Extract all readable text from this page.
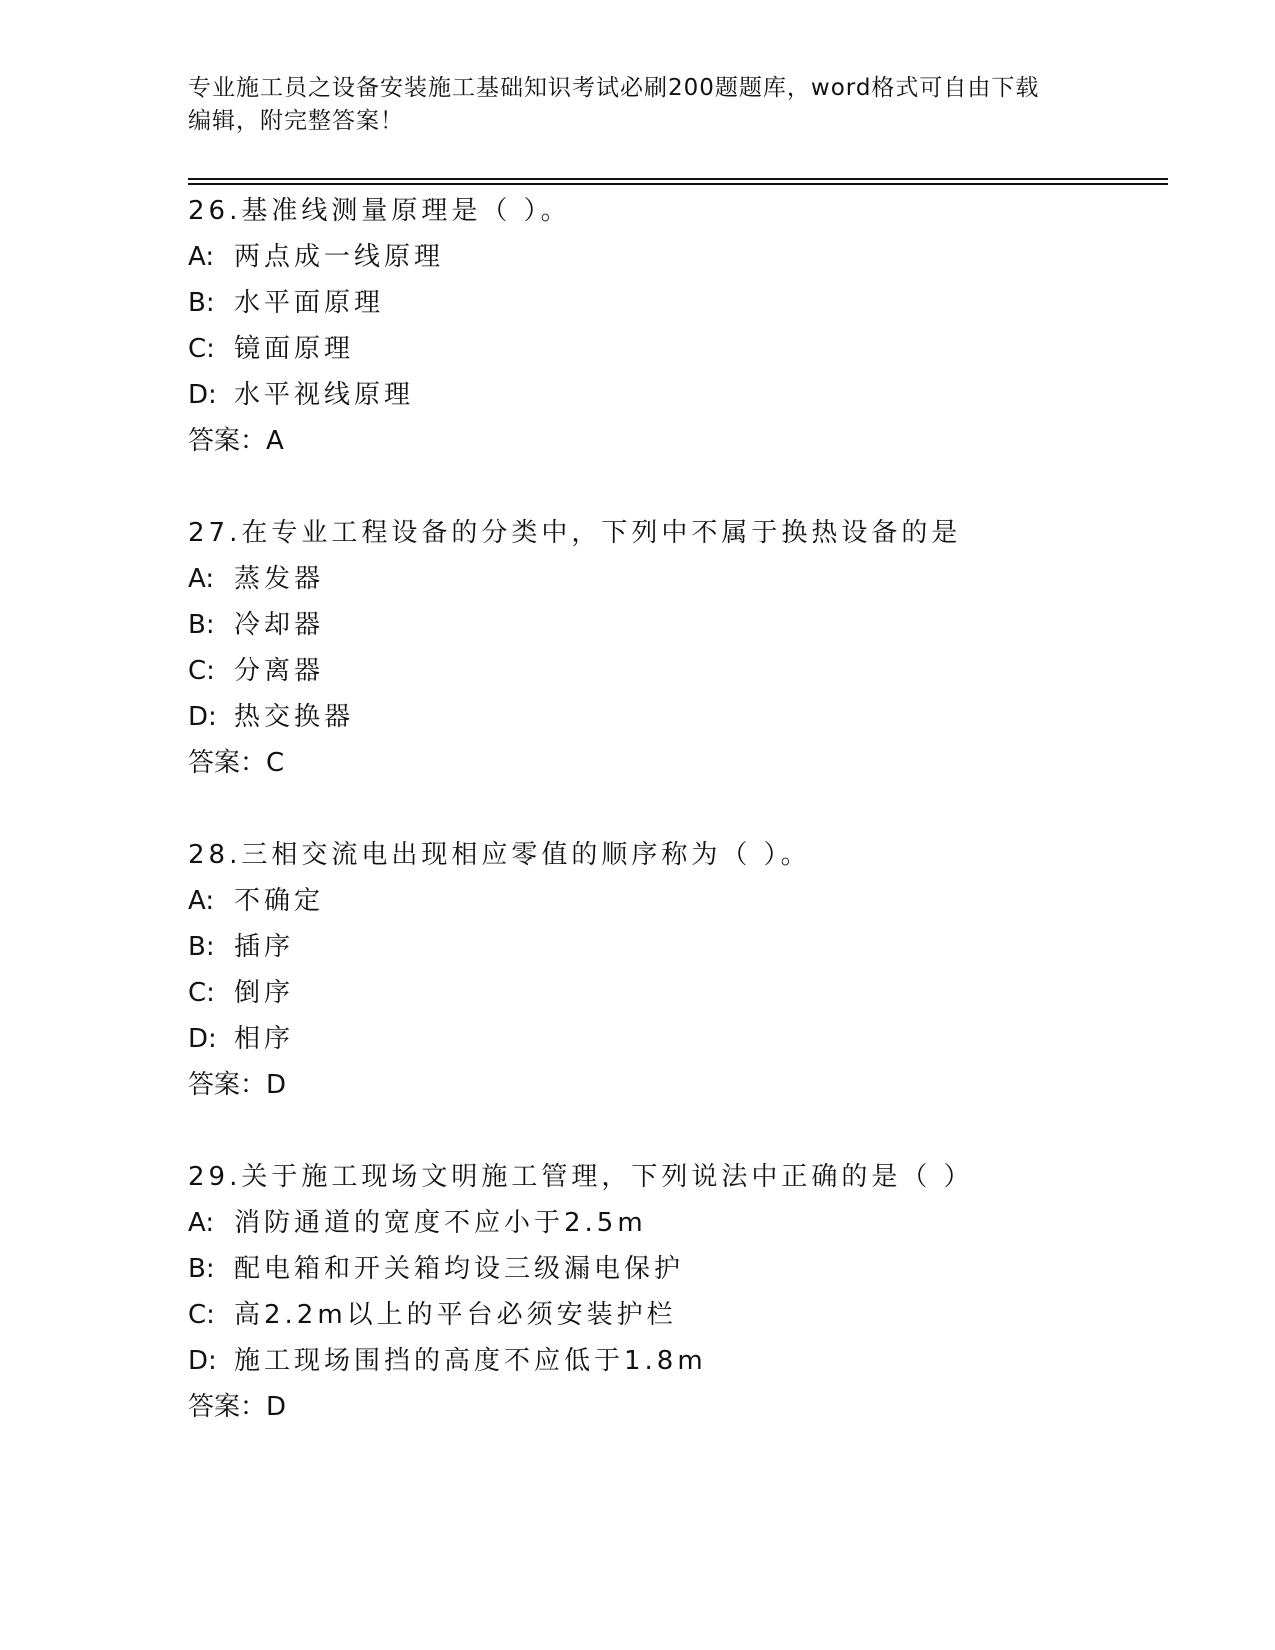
专业施工员之设备安装施工基础知识考试必刷200题题库，word格式可自由下载
编辑，附完整答案！
26.基准线测量原理是（ ）。
A: 两点成一线原理
B: 水平面原理
C: 镜面原理
D: 水平视线原理
答案：A
27.在专业工程设备的分类中，下列中不属于换热设备的是
A: 蒸发器
B: 冷却器
C: 分离器
D: 热交换器
答案：C
28.三相交流电出现相应零值的顺序称为（ ）。
A: 不确定
B: 插序
C: 倒序
D: 相序
答案：D
29.关于施工现场文明施工管理，下列说法中正确的是（ ）
A: 消防通道的宽度不应小于2.5m
B: 配电箱和开关箱均设三级漏电保护
C: 高2.2m以上的平台必须安装护栏
D: 施工现场围挡的高度不应低于1.8m
答案：D
